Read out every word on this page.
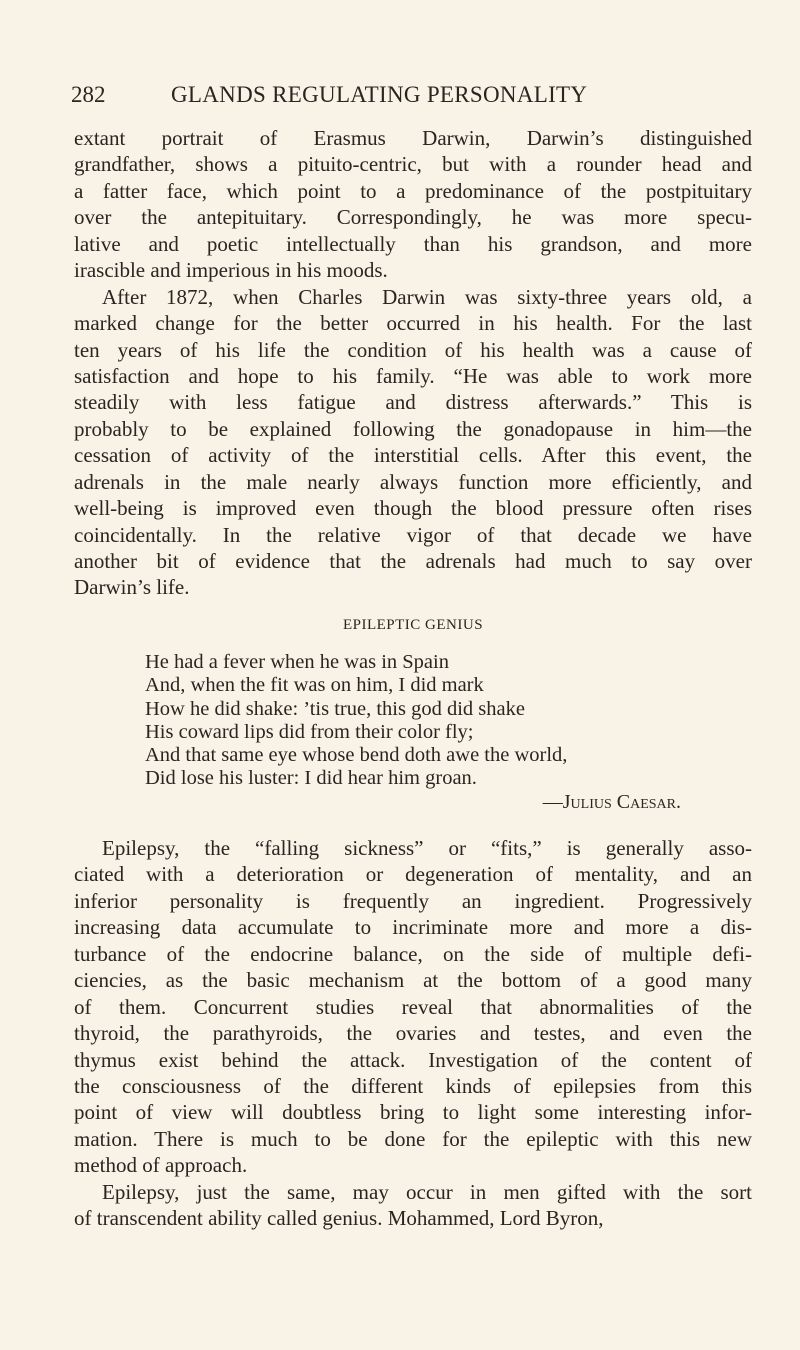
282	GLANDS REGULATING PERSONALITY
extant portrait of Erasmus Darwin, Darwin’s distinguished
grandfather, shows a pituito-centric, but with a rounder head and
a fatter face, which point to a predominance of the postpituitary
over the antepituitary. Correspondingly, he was more specu-
lative and poetic intellectually than his grandson, and more
irascible and imperious in his moods.
After 1872, when Charles Darwin was sixty-three years old, a
marked change for the better occurred in his health. For the last
ten years of his life the condition of his health was a cause of
satisfaction and hope to his family. “He was able to work more
steadily with less fatigue and distress afterwards.” This is
probably to be explained following the gonadopause in him—the
cessation of activity of the interstitial cells. After this event, the
adrenals in the male nearly always function more efficiently, and
well-being is improved even though the blood pressure often rises
coincidentally. In the relative vigor of that decade we have
another bit of evidence that the adrenals had much to say over
Darwin’s life.
EPILEPTIC GENIUS
He had a fever when he was in Spain
And, when the fit was on him, I did mark
How he did shake: ’tis true, this god did shake
His coward lips did from their color fly;
And that same eye whose bend doth awe the world,
Did lose his luster: I did hear him groan.
—Julius Caesar.
Epilepsy, the “falling sickness” or “fits,” is generally asso-
ciated with a deterioration or degeneration of mentality, and an
inferior personality is frequently an ingredient. Progressively
increasing data accumulate to incriminate more and more a dis-
turbance of the endocrine balance, on the side of multiple defi-
ciencies, as the basic mechanism at the bottom of a good many
of them. Concurrent studies reveal that abnormalities of the
thyroid, the parathyroids, the ovaries and testes, and even the
thymus exist behind the attack. Investigation of the content of
the consciousness of the different kinds of epilepsies from this
point of view will doubtless bring to light some interesting infor-
mation. There is much to be done for the epileptic with this new
method of approach.
Epilepsy, just the same, may occur in men gifted with the sort
of transcendent ability called genius. Mohammed, Lord Byron,
